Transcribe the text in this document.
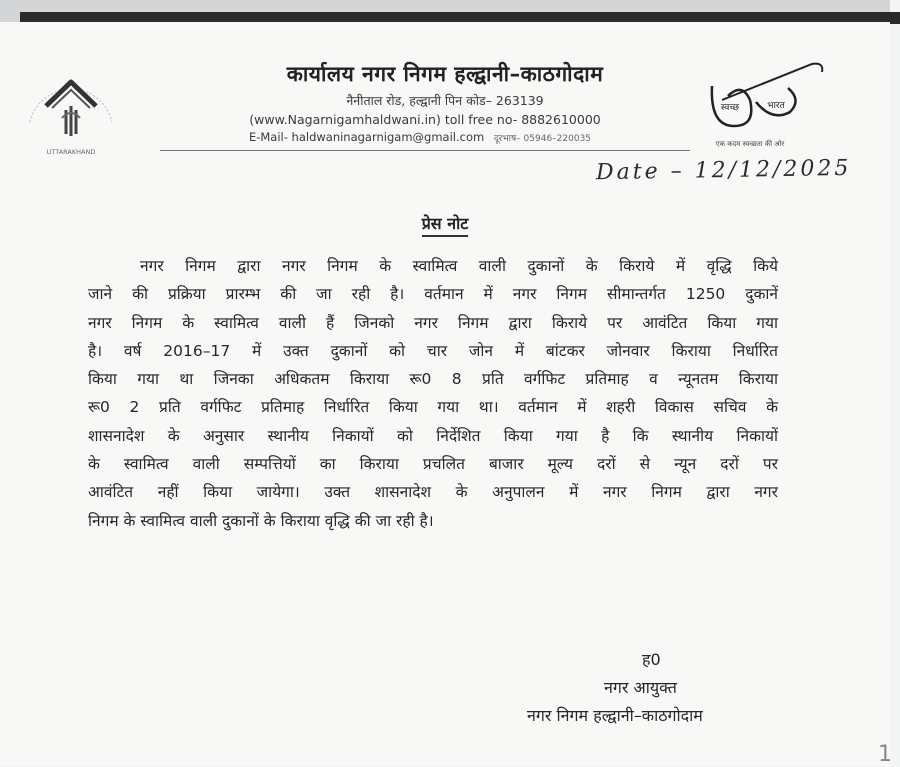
UTTARAKHAND
कार्यालय नगर निगम हल्द्वानी–काठगोदाम
नैनीताल रोड, हल्द्वानी पिन कोड– 263139
(www.Nagarnigamhaldwani.in) toll free no- 8882610000
E-Mail- haldwaninagarnigam@gmail.com दूरभाष– 05946–220035
स्वच्छ	भारत
एक कदम स्वच्छता की ओर
Date – 12/12/2025
प्रेस नोट
नगर निगम द्वारा नगर निगम के स्वामित्व वाली दुकानों के किराये में वृद्धि किये
जाने की प्रक्रिया प्रारम्भ की जा रही है। वर्तमान में नगर निगम सीमान्तर्गत 1250 दुकानें
नगर निगम के स्वामित्व वाली हैं जिनको नगर निगम द्वारा किराये पर आवंटित किया गया
है। वर्ष 2016–17 में उक्त दुकानों को चार जोन में बांटकर जोनवार किराया निर्धारित
किया गया था जिनका अधिकतम किराया रू0 8 प्रति वर्गफिट प्रतिमाह व न्यूनतम किराया
रू0 2 प्रति वर्गफिट प्रतिमाह निर्धारित किया गया था। वर्तमान में शहरी विकास सचिव के
शासनादेश के अनुसार स्थानीय निकायों को निर्देशित किया गया है कि स्थानीय निकायों
के स्वामित्व वाली सम्पत्तियों का किराया प्रचलित बाजार मूल्य दरों से न्यून दरों पर
आवंटित नहीं किया जायेगा। उक्त शासनादेश के अनुपालन में नगर निगम द्वारा नगर
निगम के स्वामित्व वाली दुकानों के किराया वृद्धि की जा रही है।
ह0
नगर आयुक्त
नगर निगम हल्द्वानी–काठगोदाम
1
